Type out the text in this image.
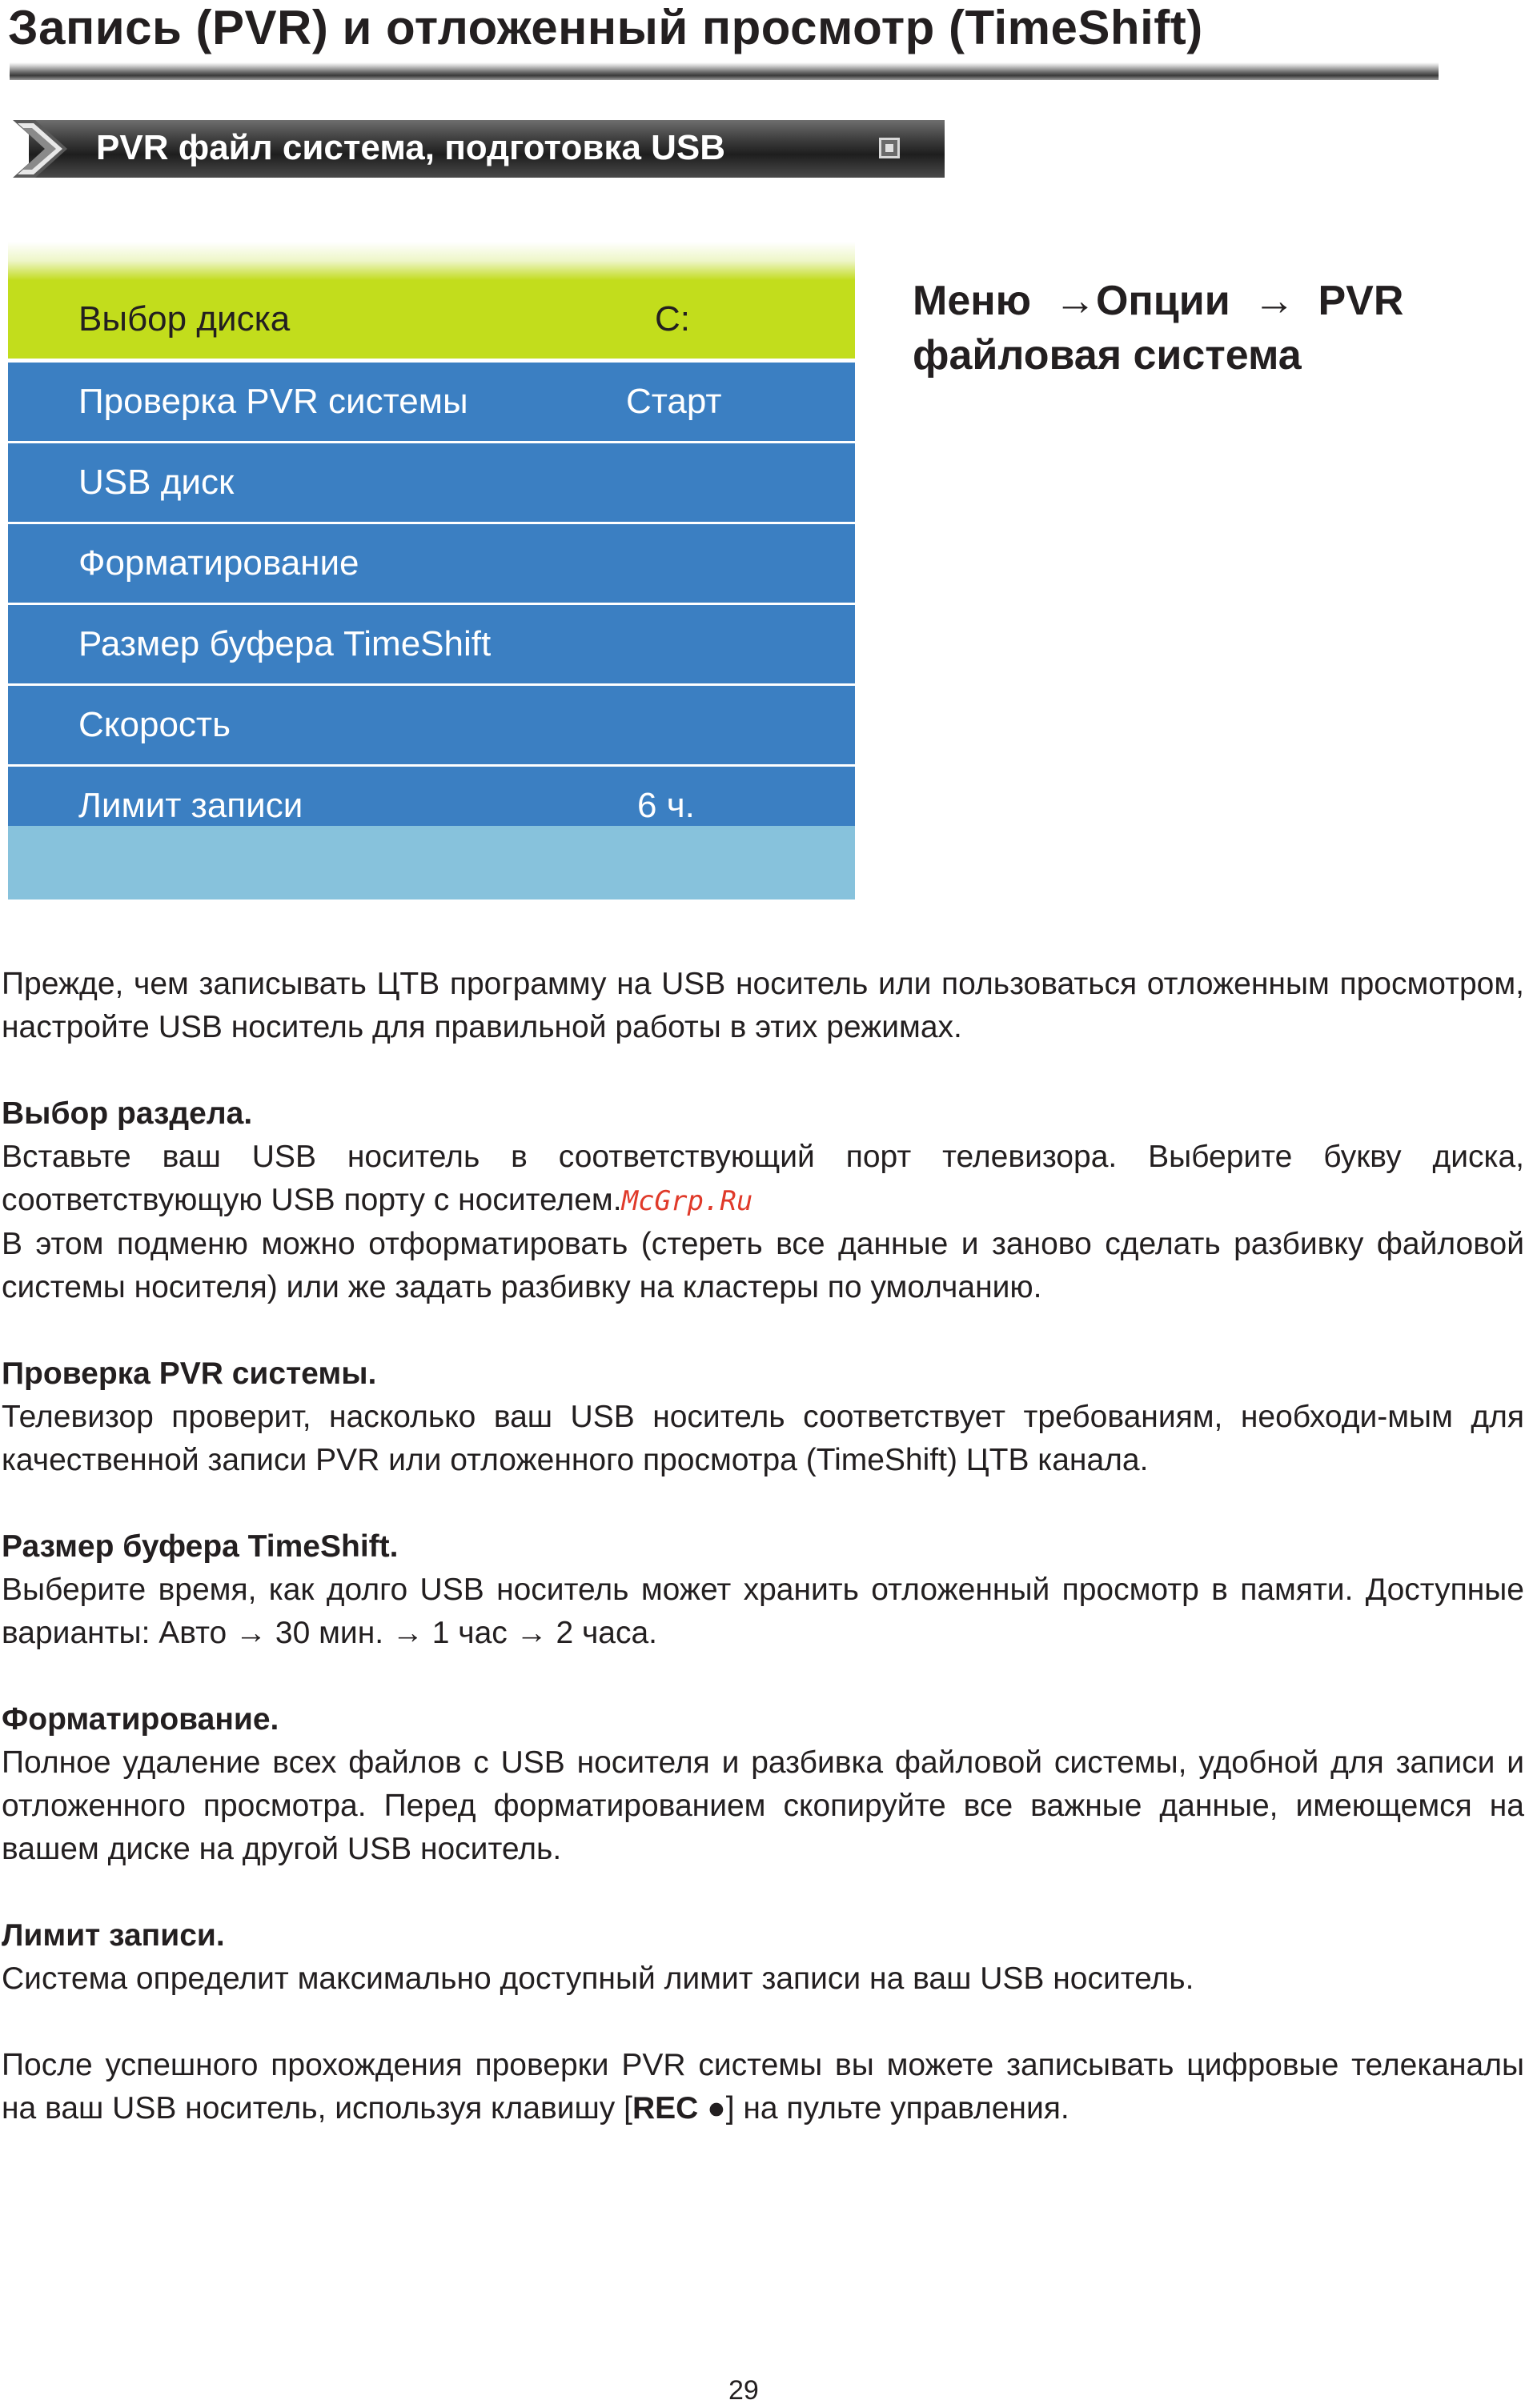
Запись (PVR) и отложенный просмотр (TimeShift)
PVR файл система, подготовка USB
Выбор диска	C:
Проверка PVR системы	Старт
USB диск
Форматирование
Размер буфера TimeShift
Скорость
Лимит записи	6 ч.
Меню  →Опции  →  PVR
файловая система

Прежде, чем записывать ЦТВ программу на USB носитель или пользоваться отложенным просмотром, настройте USB носитель для правильной работы в этих режимах.

Выбор раздела.

Вставьте ваш USB носитель в соответствующий порт телевизора. Выберите букву диска, соответствующую USB порту с носителем.McGrp.Ru

В этом подменю можно отформатировать (стереть все данные и заново сделать разбивку файловой системы носителя) или же задать разбивку на кластеры по умолчанию.

Проверка PVR системы.

Телевизор проверит, насколько ваш USB носитель соответствует требованиям, необходи-мым для качественной записи PVR или отложенного просмотра (TimeShift) ЦТВ канала.

Размер буфера TimeShift.

Выберите время, как долго USB носитель может хранить отложенный просмотр в памяти. Доступные варианты: Авто → 30 мин. → 1 час → 2 часа.

Форматирование.

Полное удаление всех файлов с USB носителя и разбивка файловой системы, удобной для записи и отложенного просмотра. Перед форматированием скопируйте все важные данные, имеющемся на вашем диске на другой USB носитель.

Лимит записи.

Система определит максимально доступный лимит записи на ваш USB носитель.

После успешного прохождения проверки PVR системы вы можете записывать цифровые телеканалы на ваш USB носитель, используя клавишу [REC ●] на пульте управления.

29
